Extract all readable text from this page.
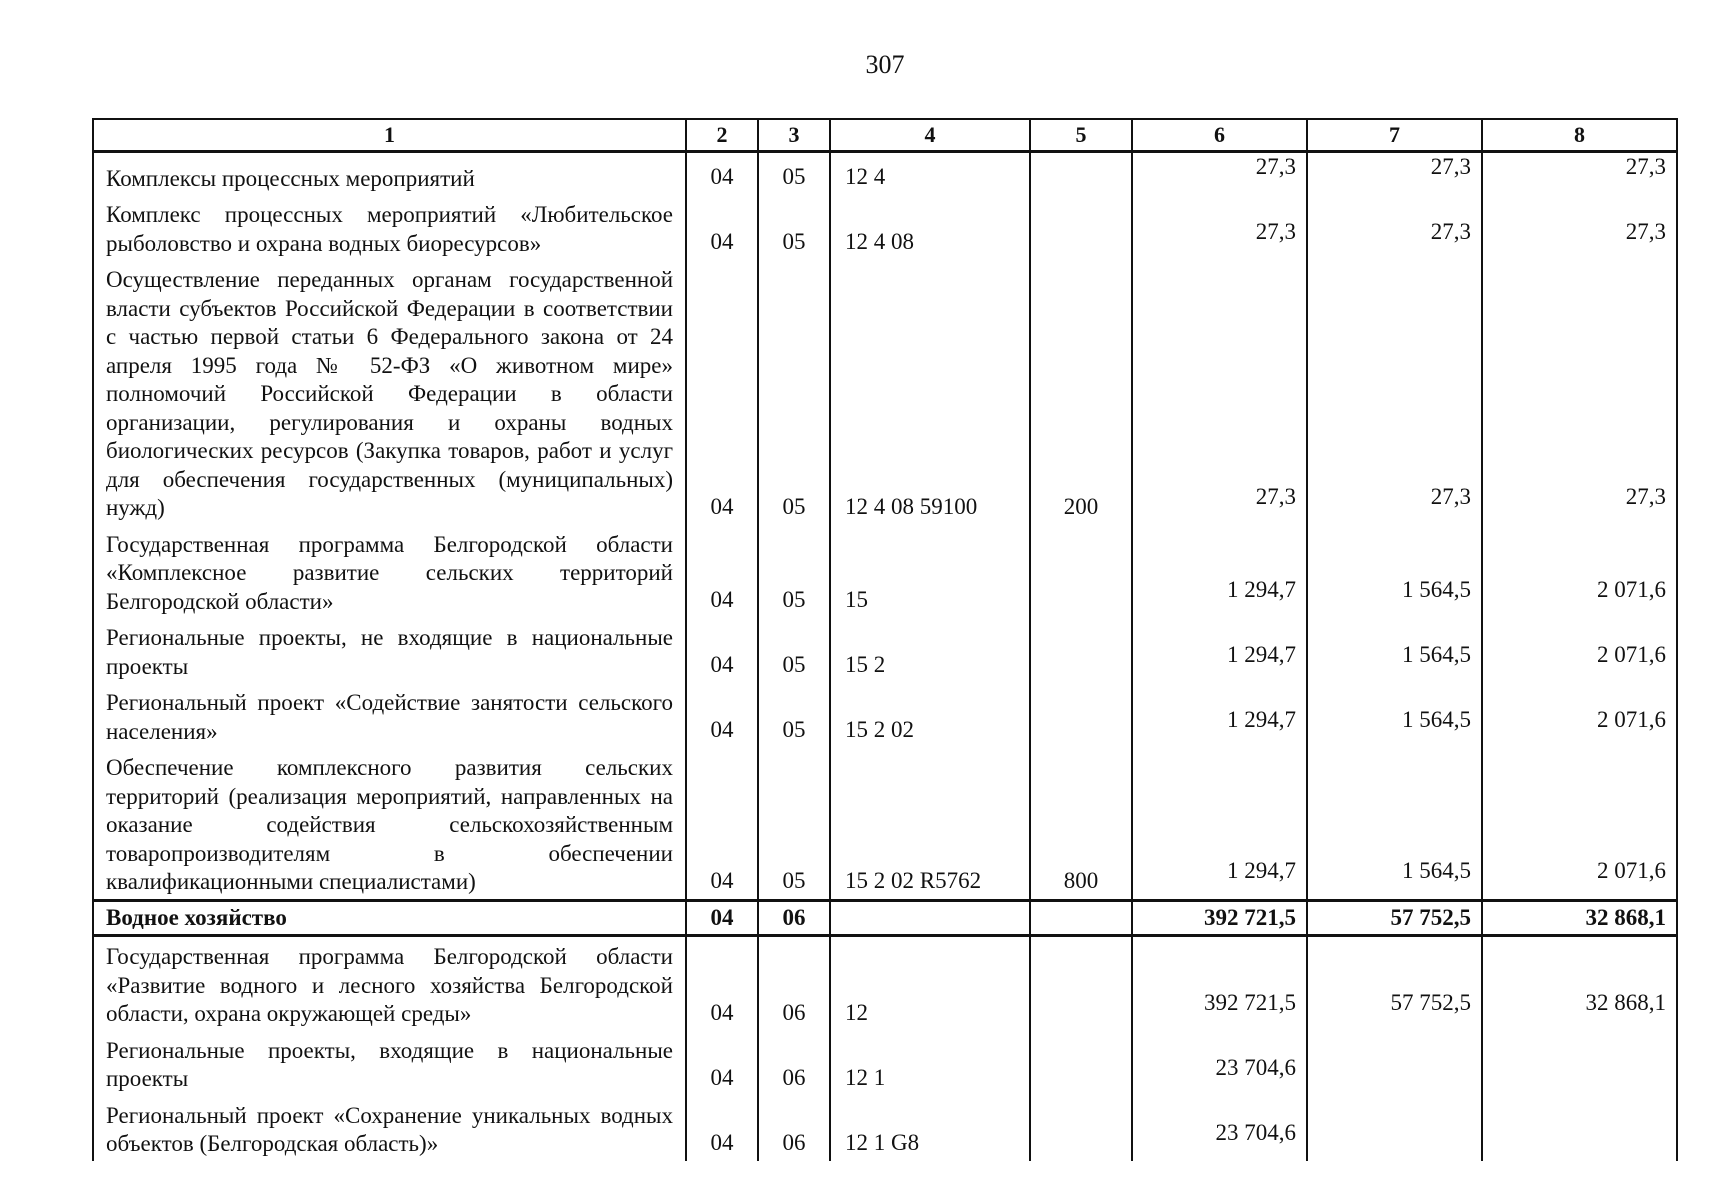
307
1	2	3	4	5	6	7	8
Комплексы процессных мероприятий	04	05	12 4		27,3	27,3	27,3
Комплекс процессных мероприятий «Любительское рыболовство и охрана водных биоресурсов»	04	05	12 4 08		27,3	27,3	27,3
Осуществление переданных органам государственной власти субъектов Российской Федерации в соответствии с частью первой статьи 6 Федерального закона от 24 апреля 1995 года № 52-ФЗ «О животном мире» полномочий Российской Федерации в области организации, регулирования и охраны водных биологических ресурсов (Закупка товаров, работ и услуг для обеспечения государственных (муниципальных) нужд)	04	05	12 4 08 59100	200	27,3	27,3	27,3
Государственная программа Белгородской области «Комплексное развитие сельских территорий Белгородской области»	04	05	15		1 294,7	1 564,5	2 071,6
Региональные проекты, не входящие в национальные проекты	04	05	15 2		1 294,7	1 564,5	2 071,6
Региональный проект «Содействие занятости сельского населения»	04	05	15 2 02		1 294,7	1 564,5	2 071,6
Обеспечение комплексного развития сельских территорий (реализация мероприятий, направленных на оказание содействия сельскохозяйственным товаропроизводителям в обеспечении квалификационными специалистами)	04	05	15 2 02 R5762	800	1 294,7	1 564,5	2 071,6
Водное хозяйство	04	06			392 721,5	57 752,5	32 868,1
Государственная программа Белгородской области «Развитие водного и лесного хозяйства Белгородской области, охрана окружающей среды»	04	06	12		392 721,5	57 752,5	32 868,1
Региональные проекты, входящие в национальные проекты	04	06	12 1		23 704,6		
Региональный проект «Сохранение уникальных водных объектов (Белгородская область)»	04	06	12 1 G8		23 704,6		
